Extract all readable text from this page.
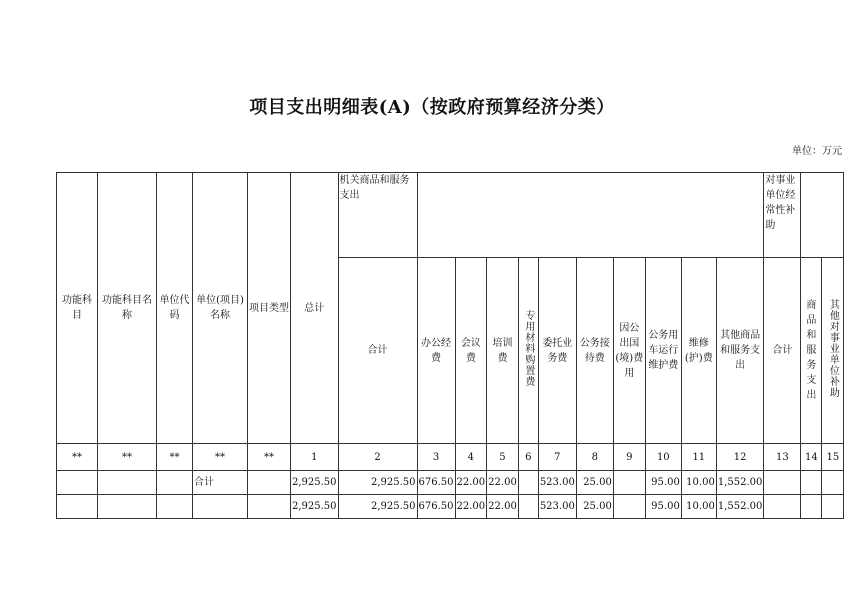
项目支出明细表(A)（按政府预算经济分类）
单位：万元
功能科目	功能科目名称	单位代码	单位(项目)名称	项目类型	总计	机关商品和服务支出											对事业单位经常性补助		
						合计	办公经费	会议费	培训费	专用材料购置费	委托业务费	公务接待费	因公出国(境)费用	公务用车运行维护费	维修(护)费	其他商品和服务支出	合计	商品和服务支出	其他对事业单位补助
**	**	**	**	**	1	2	3	4	5	6	7	8	9	10	11	12	13	14	15
			合计		2,925.50	2,925.50	676.50	22.00	22.00		523.00	25.00		95.00	10.00	1,552.00			
					2,925.50	2,925.50	676.50	22.00	22.00		523.00	25.00		95.00	10.00	1,552.00			
